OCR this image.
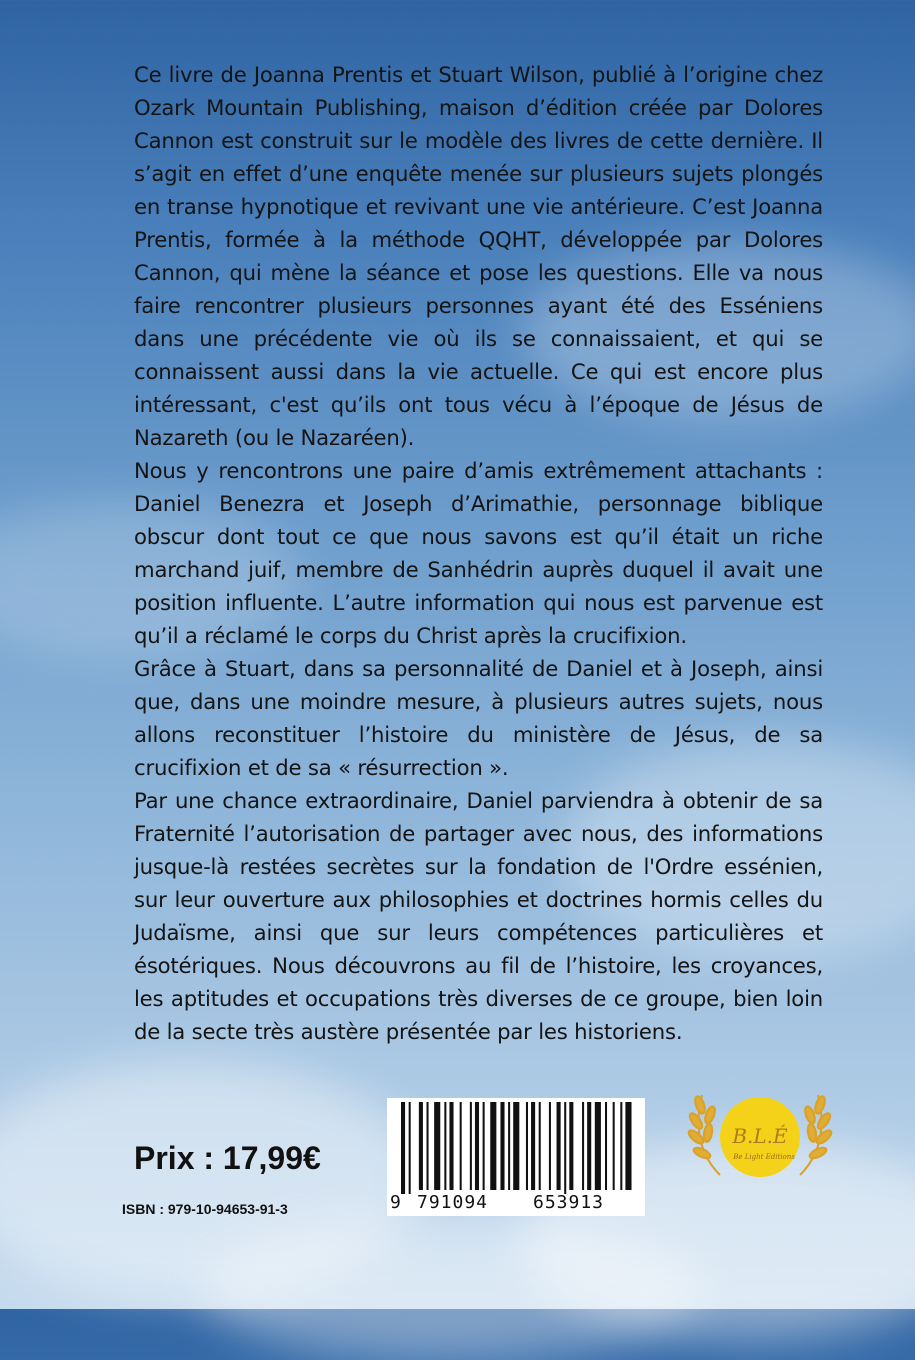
Ce livre de Joanna Prentis et Stuart Wilson, publié à l’origine chez Ozark Mountain Publishing, maison d’édition créée par Dolores Cannon est construit sur le modèle des livres de cette dernière. Il s’agit en effet d’une enquête menée sur plusieurs sujets plongés en transe hypnotique et revivant une vie antérieure. C’est Joanna Prentis, formée à la méthode QQHT, développée par Dolores Cannon, qui mène la séance et pose les questions. Elle va nous faire rencontrer plusieurs personnes ayant été des Esséniens dans une précédente vie où ils se connaissaient, et qui se connaissent aussi dans la vie actuelle. Ce qui est encore plus intéressant, c'est qu’ils ont tous vécu à l’époque de Jésus de Nazareth (ou le Nazaréen).

Nous y rencontrons une paire d’amis extrêmement attachants : Daniel Benezra et Joseph d’Arimathie, personnage biblique obscur dont tout ce que nous savons est qu’il était un riche marchand juif, membre de Sanhédrin auprès duquel il avait une position influente. L’autre information qui nous est parvenue est qu’il a réclamé le corps du Christ après la crucifixion.

Grâce à Stuart, dans sa personnalité de Daniel et à Joseph, ainsi que, dans une moindre mesure, à plusieurs autres sujets, nous allons reconstituer l’histoire du ministère de Jésus, de sa crucifixion et de sa « résurrection ».

Par une chance extraordinaire, Daniel parviendra à obtenir de sa Fraternité l’autorisation de partager avec nous, des informations jusque-là restées secrètes sur la fondation de l'Ordre essénien, sur leur ouverture aux philosophies et doctrines hormis celles du Judaïsme, ainsi que sur leurs compétences particulières et ésotériques. Nous découvrons au fil de l’histoire, les croyances, les aptitudes et occupations très diverses de ce groupe, bien loin de la secte très austère présentée par les historiens.

Prix : 17,99€
ISBN : 979-10-94653-91-3	9 791094 653913
B.L.É
Be Light Editions
